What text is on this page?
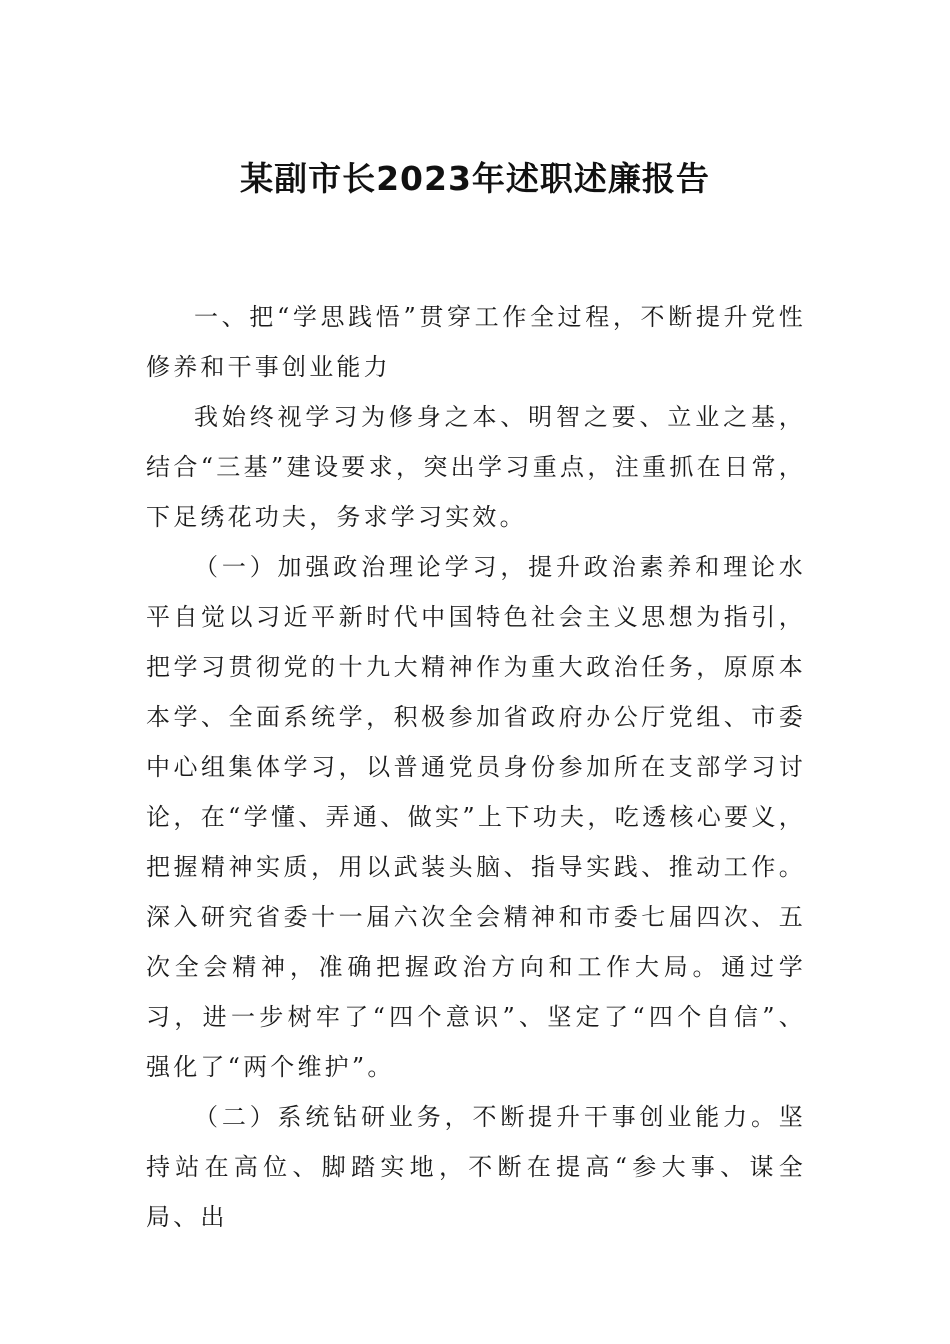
某副市长2023年述职述廉报告

一、把“学思践悟”贯穿工作全过程，不断提升党性修养和干事创业能力

我始终视学习为修身之本、明智之要、立业之基，结合“三基”建设要求，突出学习重点，注重抓在日常，下足绣花功夫，务求学习实效。

（一）加强政治理论学习，提升政治素养和理论水平自觉以习近平新时代中国特色社会主义思想为指引，把学习贯彻党的十九大精神作为重大政治任务，原原本本学、全面系统学，积极参加省政府办公厅党组、市委中心组集体学习，以普通党员身份参加所在支部学习讨论，在“学懂、弄通、做实”上下功夫，吃透核心要义，把握精神实质，用以武装头脑、指导实践、推动工作。深入研究省委十一届六次全会精神和市委七届四次、五次全会精神，准确把握政治方向和工作大局。通过学习，进一步树牢了“四个意识”、坚定了“四个自信”、强化了“两个维护”。

（二）系统钻研业务，不断提升干事创业能力。坚持站在高位、脚踏实地，不断在提高“参大事、谋全局、出
